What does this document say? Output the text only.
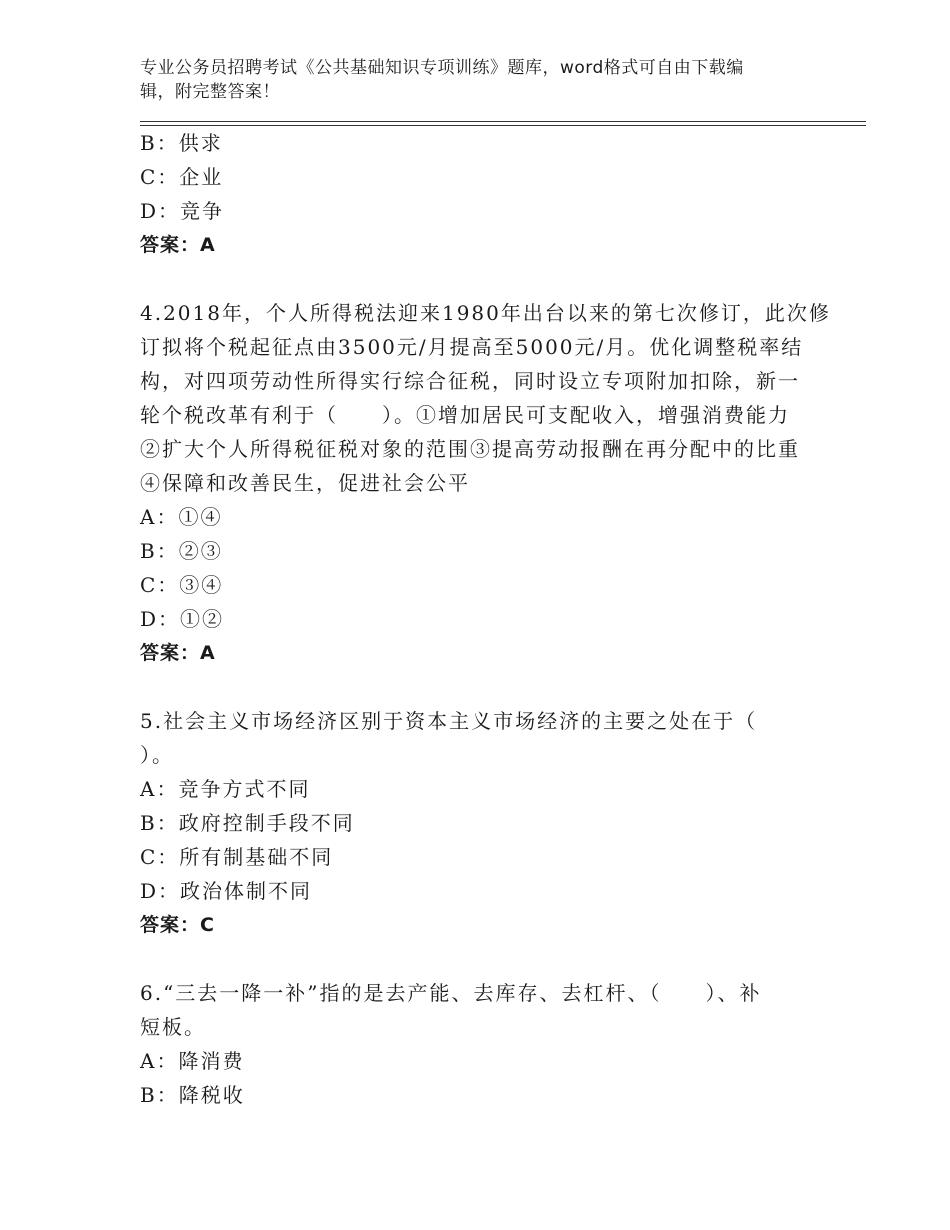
专业公务员招聘考试《公共基础知识专项训练》题库，word格式可自由下载编
辑，附完整答案！
B：供求
C：企业
D：竞争
答案：A
4.2018年，个人所得税法迎来1980年出台以来的第七次修订，此次修
订拟将个税起征点由3500元/月提高至5000元/月。优化调整税率结
构，对四项劳动性所得实行综合征税，同时设立专项附加扣除，新一
轮个税改革有利于（　　）。①增加居民可支配收入，增强消费能力
②扩大个人所得税征税对象的范围③提高劳动报酬在再分配中的比重
④保障和改善民生，促进社会公平
A：①④
B：②③
C：③④
D：①②
答案：A
5.社会主义市场经济区别于资本主义市场经济的主要之处在于（
）。
A：竞争方式不同
B：政府控制手段不同
C：所有制基础不同
D：政治体制不同
答案：C
6.“三去一降一补”指的是去产能、去库存、去杠杆、（　　）、补
短板。
A：降消费
B：降税收
